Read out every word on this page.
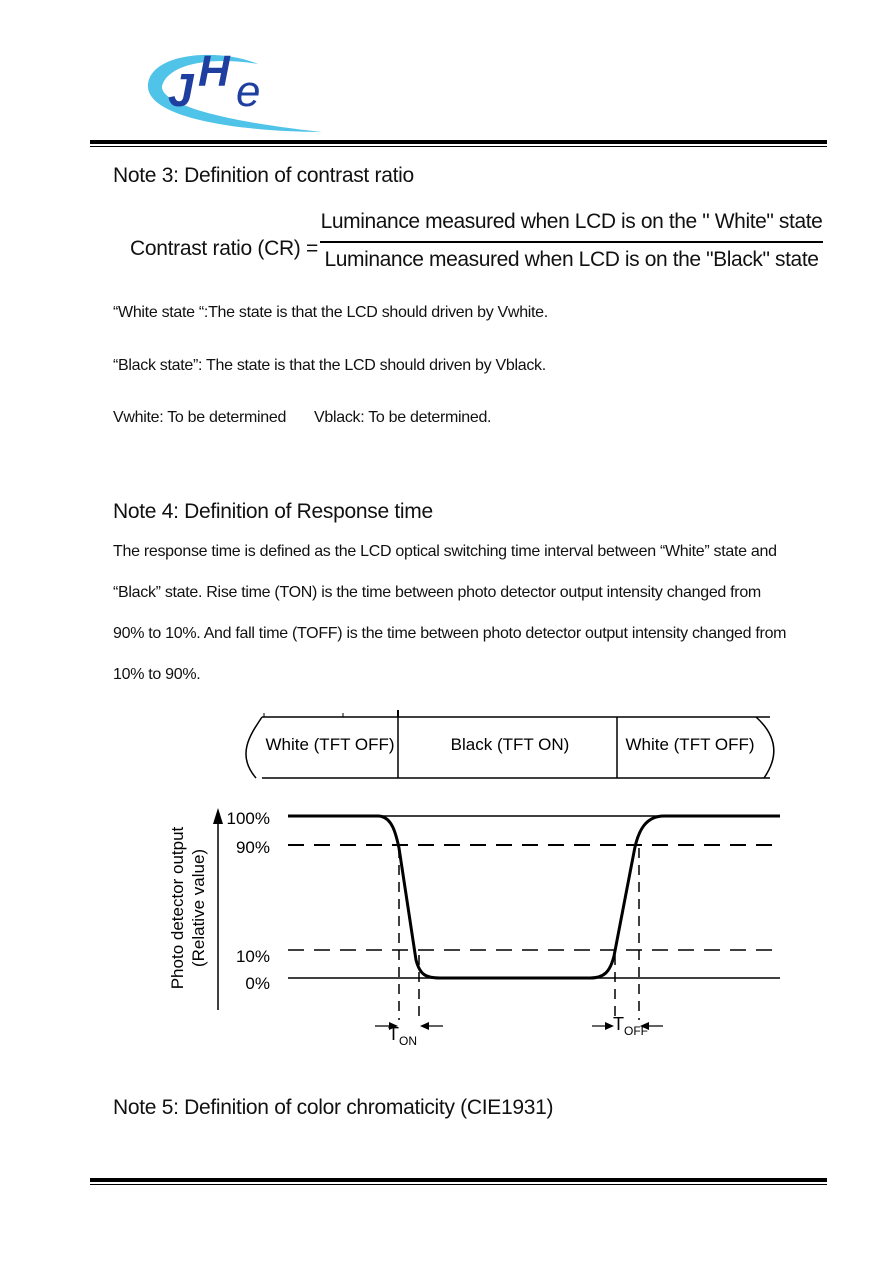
J H e
Note 3: Definition of contrast ratio
Contrast ratio (CR) =
Luminance measured when LCD is on the " White" state
Luminance measured when LCD is on the "Black" state
“White state “:The state is that the LCD should driven by Vwhite.
“Black state”: The state is that the LCD should driven by Vblack.
Vwhite: To be determined Vblack: To be determined.
Note 4: Definition of Response time
The response time is defined as the LCD optical switching time interval between “White” state and
“Black” state. Rise time (TON) is the time between photo detector output intensity changed from
90% to 10%. And fall time (TOFF) is the time between photo detector output intensity changed from
10% to 90%.
White (TFT OFF)	Black (TFT ON)	White (TFT OFF)
Photo detector output (Relative value)
100%
90%
10%
0%
$T_{ON}$
$T_{OFF}$
Note 5: Definition of color chromaticity (CIE1931)
